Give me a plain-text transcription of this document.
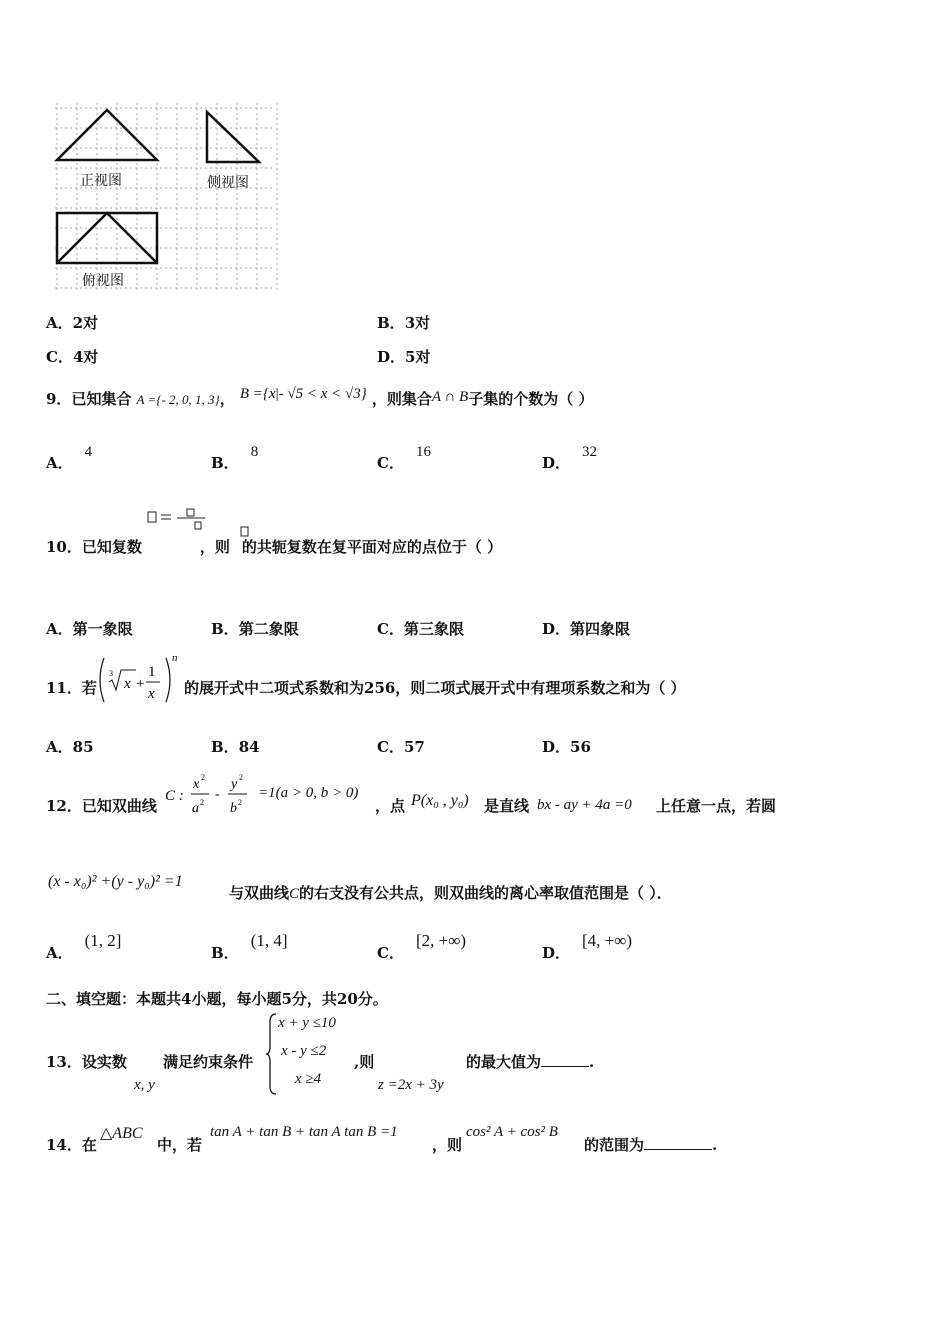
正视图	侧视图
俯视图
A．2对	B．3对
C．4对	D．5对
9．已知集合 A ={- 2, 0, 1, 3}， B ={x|- √5 < x < √3} ，则集合A ∩ B子集的个数为（ ）
A．4
B．8
C．16
D．32
10．已知复数	，则 的共轭复数在复平面对应的点位于（ ）
A．第一象限	B．第二象限	C．第三象限	D．第四象限
11．若
3
x +
1
x
n
的展开式中二项式系数和为256，则二项式展开式中有理项系数之和为（ ）
A．85	B．84	C．57	D．56
12．已知双曲线
C :
x 2
a 2
-
y 2
b 2
=1(a > 0, b > 0)
，点 P(x₀ , y₀) 是直线 bx - ay + 4a =0 上任意一点，若圆
(x - x₀)² +(y - y₀)² =1
与双曲线C的右支没有公共点，则双曲线的离心率取值范围是（ ）．
A．(1, 2]
B．(1, 4]
C．[2, +∞)
D．[4, +∞)
二、填空题：本题共4小题，每小题5分，共20分。
13．设实数
x, y
满足约束条件
x + y ≤10
x - y ≤2
x ≥4
,则
z =2x + 3y
的最大值为	.
14．在
△ABC
中，若
tan A + tan B + tan A tan B =1
，则
cos² A + cos² B
的范围为	.
